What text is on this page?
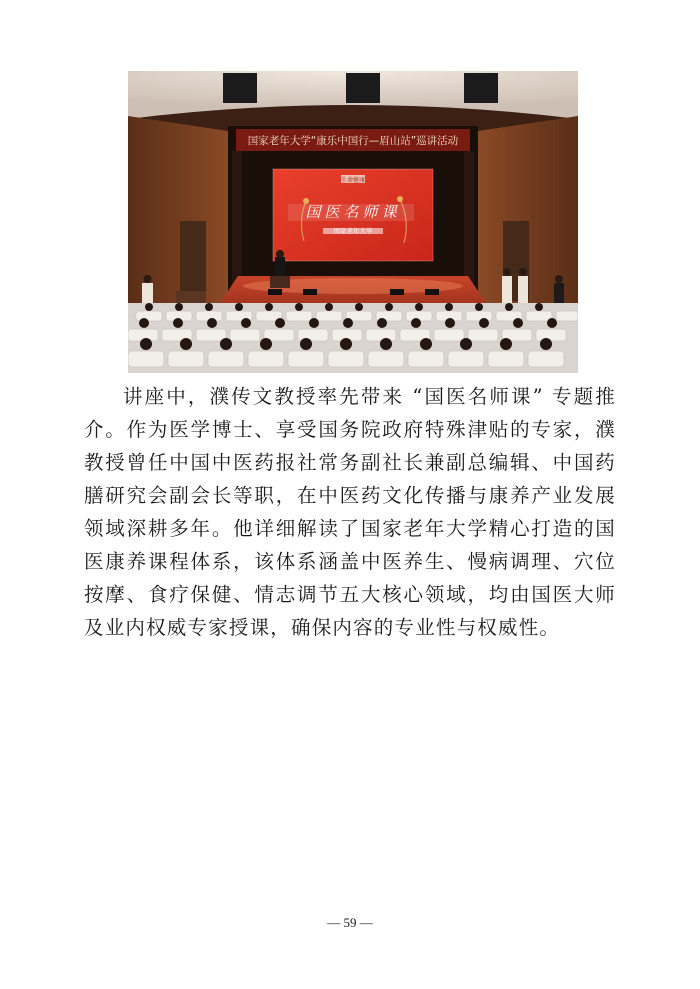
国家老年大学“康乐中国行—眉山站”巡讲活动
生命健康
国医名师课
国家老年大学

讲座中，濮传文教授率先带来 “国医名师课” 专题推介。作为医学博士、享受国务院政府特殊津贴的专家，濮教授曾任中国中医药报社常务副社长兼副总编辑、中国药膳研究会副会长等职，在中医药文化传播与康养产业发展领域深耕多年。他详细解读了国家老年大学精心打造的国医康养课程体系，该体系涵盖中医养生、慢病调理、穴位按摩、食疗保健、情志调节五大核心领域，均由国医大师及业内权威专家授课，确保内容的专业性与权威性。

— 59 —
